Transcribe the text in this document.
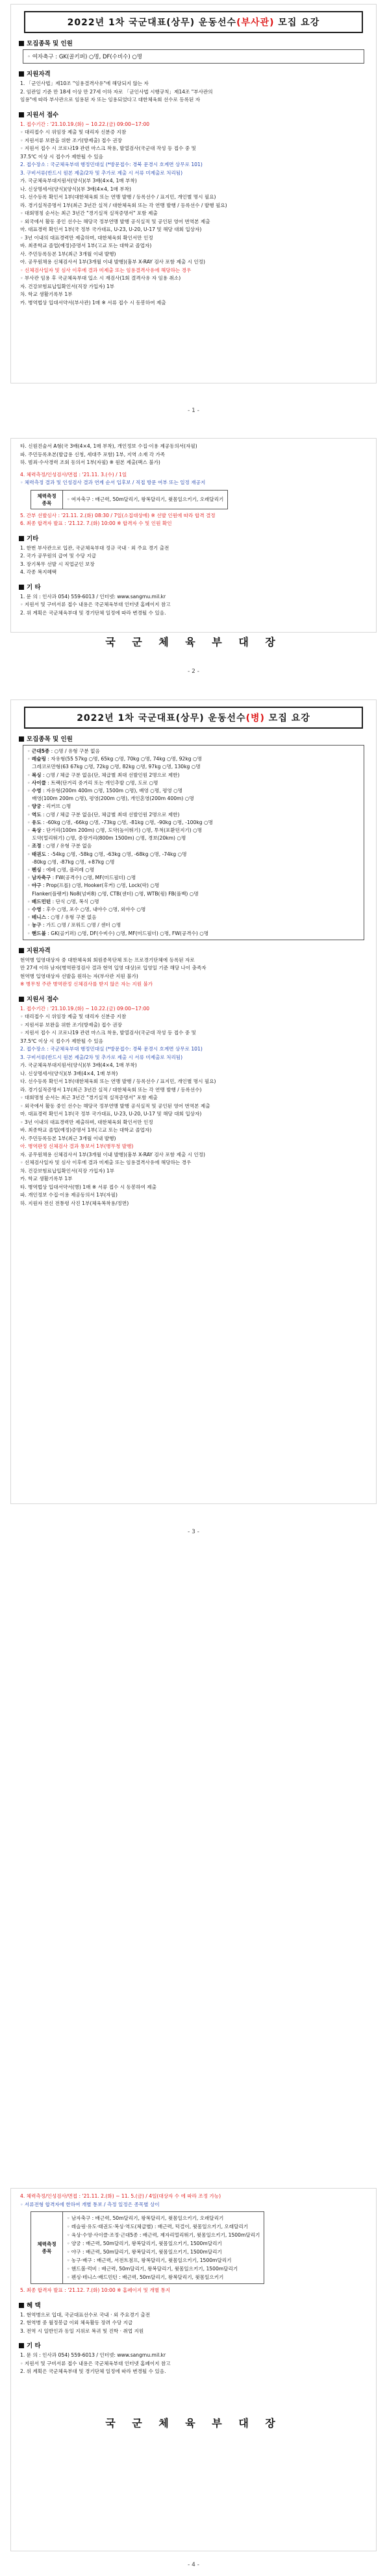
2022년 1차 국군대표(상무) 운동선수(부사관) 모집 요강
모집종목 및 인원
◦ 여자축구 : GK(골키퍼) ○명, DF(수비수) ○명
지원자격
1. 「군인사법」제10조 "임용결격사유"에 해당되지 않는 자
2. 임관일 기준 만 18세 이상 만 27세 이하 자로 「군인사법 시행규칙」제14조 "부사관의
임용"에 따라 부사관으로 임용된 자 또는 임용되었다고 대한체육회 선수로 등록된 자
지원서 접수
1. 접수기간 : '21.10.19.(화) ~ 10.22.(금) 09:00~17:00
◦ 대리접수 시 위임장 제출 및 대리자 신분증 지참
◦ 지원서류 보완을 위한 조기(방제출) 접수 권장
◦ 지원서 접수 시 코로나19 관련 마스크 착용, 발열검사(국군대 작성 등 접수 중 및
37.5℃ 이상 시 접수가 제한될 수 있음
2. 접수장소 : 국군체육부대 행정민대실 (*방문접수: 경북 문경시 호계면 상무로 101)
3. 구비서류(반드시 원본 제출/2차 및 추가로 제출 시 서류 미제출로 처리됨)
가. 국군체육부대지원서(양식)(부 3배(4×4, 1매 부착)
나. 신상명세서(양식)(양식)(부 3배(4×4, 1매 부착)
다. 선수등록 확인서 1부(대한체육회 또는 연맹 발행 / 등록선수 / 표지민, 개인별 명시 필요)
라. 경기실적증명서 1부(최근 3년간 실적 / 대한체육회 또는 각 연맹 발행 / 등록선수 / 발행 필요)
◦ 대회명칭 순서는 최근 3년간 "경기실적 실적증명서" 포함 제출
◦ 외국에서 활동 중인 선수는 해당국 정부연맹 발행 공식실적 및 공인된 영어 번역본 제출
마. 대표경력 확인서 1부(국 정부 국가대표, U-23, U-20, U-17 및 해당 대회 입상자)
◦ 3년 이내의 대표경력만 제출하며, 대한체육회 확인서만 인정
바. 최종학교 졸업(예정)증명서 1부(고교 또는 대학교 졸업자)
사. 주민등록등본 1부(최근 3개월 이내 발행)
아. 공무원채용 신체검사서 1부(3개월 이내 발행)(흉부 X-RAY 검사 포함 제출 시 인정)
◦ 신체검사일자 및 심사 이후에 결과 미제출 또는 임용결격사유에 해당하는 경우
◦ 부사관 임용 후 국군체육부대 입소 시 재검사(1회 결격사유 자 임용 취소)
자. 건강보험료납입확인서(직장 가입자) 1부
차. 학교 생활기록부 1부
카. 병역법상 입대서약서(부사관) 1매 ※ 서류 접수 시 동봉하여 제출
- 1 -
타. 신원진술서 A형(국 3배(4×4, 1매 부착), 개인정보 수집·이용 제공동의서(자필)
파. 주민등록초본(발급용 신청, 세대주 포함) 1부, 지역 소재 각 가족
하. 범죄·수사경력 조회 동의서 1부(자필) ※ 원본 제출(팩스 불가)
4. 체력측정/인성검사/면접 : '21.11. 3.(수) / 1일
◦ 체력측정 결과 및 인성검사 결과 연계 순서 입후보 / 직접 방문 여부 또는 일정 재공지
체력측정 종목	◦ 여자축구 : 배근력, 50m달리기, 왕복달리기, 윗몸일으키기, 오래달리기
5. 간부 선발심사 : '21.11. 2.(화) 08:30 / 7일(소집대상에) ※ 선발 인원에 따라 합격 결정
6. 최종 합격자 발표 : '21.12. 7.(화) 10:00 ※ 합격자 수 및 인원 확인
기타
1. 한번 부사관으로 입관, 국군체육부대 정규 국내 · 외 주요 경기 출전
2. 국가 공무원의 급여 및 수당 지급
3. 장기복무 선발 시 직업군인 보장
4. 각종 복지혜택
기 타
1. 문 의 : 인사과 054) 559-6013 / 인터넷: www.sangmu.mil.kr
◦ 지원서 및 구비서류 접수 내용은 국군체육부대 인터넷 홈페이지 참고
2. 위 계획은 국군체육부대 및 경기단체 일정에 따라 변경될 수 있음.
국 군 체 육 부 대 장
- 2 -
2022년 1차 국군대표(상무) 운동선수(병) 모집 요강
모집종목 및 인원
◦ 근대5종 : ○명 / 유형 구분 없음
◦ 레슬링 : 자유형(55 57kg ○명, 65kg ○명, 70kg ○명, 74kg ○명, 92kg ○명
그레코로만형(63 67kg ○명, 72kg ○명, 82kg ○명, 97kg ○명, 130kg ○명
◦ 복싱 : ○명 / 체급 구분 없음(단, 체급별 최대 선발인원 2명으로 제한)
◦ 사이클 : 트랙(단거리 중거리 또는 개인추발 ○명, 도로 ○명
◦ 수영 : 자유형(200m 400m ○명, 1500m ○명), 배영 ○명, 평영 ○명
배영(100m 200m ○명), 평영(200m ○명), 개인혼영(200m 400m) ○명
◦ 양궁 : 리커브 ○명
◦ 역도 : ○명 / 체급 구분 없음(단, 체급별 최대 선발인원 2명으로 제한)
◦ 유도 : -60kg ○명, -66kg ○명, -73kg ○명, -81kg ○명, -90kg ○명, -100kg ○명
◦ 육상 : 단거리(100m 200m) ○명, 도약(높이뛰기) ○명, 투척(포환던지기) ○명
도약(멀리뛰기) ○명, 중장거리(800m 1500m) ○명, 경보(20km) ○명
◦ 조정 : ○명 / 유형 구분 없음
◦ 태권도 : -54kg ○명, -58kg ○명, -63kg ○명, -68kg ○명, -74kg ○명
-80kg ○명, -87kg ○명, +87kg ○명
◦ 펜싱 : 에페 ○명, 플러레 ○명
◦ 남자축구 : FW(공격수) ○명, MF(미드필더) ○명
◦ 야구 : Prop(프롭) ○명, Hooker(후커) ○명, Lock(락) ○명
Flanker(플랭커) No8(넘버8) ○명, CTB(센터) ○명, WTB(윙) FB(풀백) ○명
◦ 배드민턴 : 단식 ○명, 복식 ○명
◦ 수영 : 후수 ○명, 포수 ○명, 내야수 ○명, 외야수 ○명
◦ 테니스 : ○명 / 유형 구분 없음
◦ 농구 : 가드 ○명 / 포워드 ○명 / 센터 ○명
◦ 핸드볼 : GK(골키퍼) ○명, DF(수비수) ○명, MF(미드필더) ○명, FW(공격수) ○명
지원자격
현역병 입영대상자 중 대한체육회 회원종목단체 또는 프로경기단체에 등록된 자로
만 27세 이하 남자(병역판정검사 결과 현역 입영 대상)로 입영일 기준 해당 나이 충족자
현역병 입영대상자 선발을 원하는 자(부사관 지원 불가)
※ 병무청 주관 병역판정 신체검사를 받지 않은 자는 지원 불가
지원서 접수
1. 접수기간 : '21.10.19.(화) ~ 10.22.(금) 09:00~17:00
◦ 대리접수 시 위임장 제출 및 대리자 신분증 지참
◦ 지원서류 보완을 위한 조기(방제출) 접수 권장
◦ 지원서 접수 시 코로나19 관련 마스크 착용, 발열검사(국군대 작성 등 접수 중 및
37.5℃ 이상 시 접수가 제한될 수 있음
2. 접수장소 : 국군체육부대 행정민대실 (*방문접수: 경북 문경시 호계면 상무로 101)
3. 구비서류(반드시 원본 제출/2차 및 추가로 제출 시 서류 미제출로 처리됨)
가. 국군체육부대지원서(양식)(부 3배(4×4, 1매 부착)
나. 신상명세서(양식)(부 3배(4×4, 1매 부착)
다. 선수등록 확인서 1부(대한체육회 또는 연맹 발행 / 등록선수 / 표지민, 개인별 명시 필요)
라. 경기실적증명서 1부(최근 3년간 실적 / 대한체육회 또는 각 연맹 발행 / 등록선수)
◦ 대회명칭 순서는 최근 3년간 "경기실적 실적증명서" 포함 제출
◦ 외국에서 활동 중인 선수는 해당국 정부연맹 발행 공식실적 및 공인된 영어 번역본 제출
마. 대표경력 확인서 1부(국 정부 국가대표, U-23, U-20, U-17 및 해당 대회 입상자)
◦ 3년 이내의 대표경력만 제출하며, 대한체육회 확인서만 인정
바. 최종학교 졸업(예정)증명서 1부(고교 또는 대학교 졸업자)
사. 주민등록등본 1부(최근 3개월 이내 발행)
아. 병역판정 신체검사 결과 통보서 1부(병무청 발행)
자. 공무원채용 신체검사서 1부(3개월 이내 발행)(흉부 X-RAY 검사 포함 제출 시 인정)
◦ 신체검사일자 및 심사 이후에 결과 미제출 또는 임용결격사유에 해당하는 경우
차. 건강보험료납입확인서(직장 가입자) 1부
카. 학교 생활기록부 1부
타. 병역법상 입대서약서(병) 1매 ※ 서류 접수 시 동봉하여 제출
파. 개인정보 수집·이용 제공동의서 1부(자필)
하. 지원자 전신 전통령 사진 1부(체육복착용/정면)
- 3 -
4. 체력측정/인성검사/면접 : '21.11. 2.(화) ~ 11. 5.(금) / 4일(대상자 수 에 따라 조정 가능)
◦ 서류전형 합격자에 한하여 개별 통보 / 측정 일정은 종목별 상이
체력측정 종목	
◦ 남자축구 : 배근력, 50m달리기, 왕복달리기, 윗몸일으키기, 오래달리기
◦ 레슬링·유도·태권도·복싱·역도(체급별) : 배근력, 턱걸이, 윗몸일으키기, 오래달리기
◦ 육상·수영·사이클·조정·근대5종 : 배근력, 제자리멀리뛰기, 윗몸일으키기, 1500m달리기
◦ 양궁 : 배근력, 50m달리기, 왕복달리기, 윗몸일으키기, 1500m달리기
◦ 야구 : 배근력, 50m달리기, 왕복달리기, 윗몸일으키기, 1500m달리기
◦ 농구·배구 : 배근력, 서전트점프, 왕복달리기, 윗몸일으키기, 1500m달리기
◦ 핸드볼·럭비 : 배근력, 50m달리기, 왕복달리기, 윗몸일으키기, 1500m달리기
◦ 펜싱·테니스·배드민턴 : 배근력, 50m달리기, 왕복달리기, 윗몸일으키기
5. 최종 합격자 발표 : '21.12. 7.(화) 10:00 ※ 홈페이지 및 개별 통지
혜 택
1. 현역병으로 입대, 국군대표선수로 국내 · 외 주요경기 출전
2. 현역병 중 월정봉급 이외 체육활동 장려 수당 지급
3. 전역 시 일반인과 동일 지위로 복귀 및 진학 · 취업 지원
기 타
1. 문 의 : 인사과 054) 559-6013 / 인터넷: www.sangmu.mil.kr
◦ 지원서 및 구비서류 접수 내용은 국군체육부대 인터넷 홈페이지 참고
2. 위 계획은 국군체육부대 및 경기단체 일정에 따라 변경될 수 있음.
국 군 체 육 부 대 장
- 4 -
